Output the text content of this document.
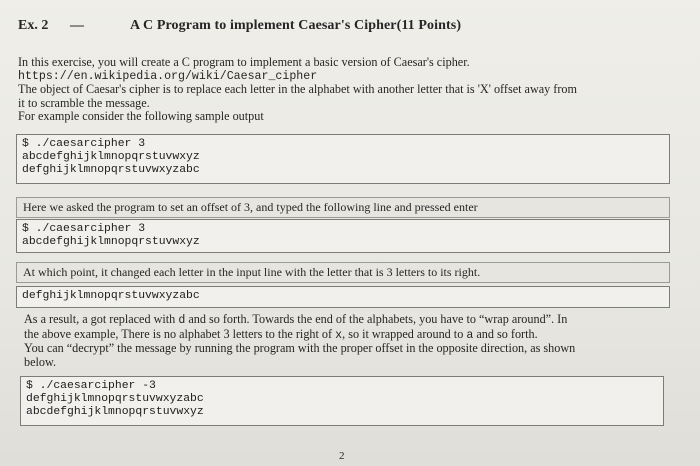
Ex. 2 —	A C Program to implement Caesar's Cipher(11 Points)
In this exercise, you will create a C program to implement a basic version of Caesar's cipher.
https://en.wikipedia.org/wiki/Caesar_cipher
The object of Caesar's cipher is to replace each letter in the alphabet with another letter that is 'X' offset away from
it to scramble the message.
For example consider the following sample output
$ ./caesarcipher 3
abcdefghijklmnopqrstuvwxyz
defghijklmnopqrstuvwxyzabc
Here we asked the program to set an offset of 3, and typed the following line and pressed enter
$ ./caesarcipher 3
abcdefghijklmnopqrstuvwxyz
At which point, it changed each letter in the input line with the letter that is 3 letters to its right.
defghijklmnopqrstuvwxyzabc
As a result, a got replaced with d and so forth. Towards the end of the alphabets, you have to “wrap around”. In
the above example, There is no alphabet 3 letters to the right of x, so it wrapped around to a and so forth.
You can “decrypt” the message by running the program with the proper offset in the opposite direction, as shown
below.
$ ./caesarcipher -3
defghijklmnopqrstuvwxyzabc
abcdefghijklmnopqrstuvwxyz
2
